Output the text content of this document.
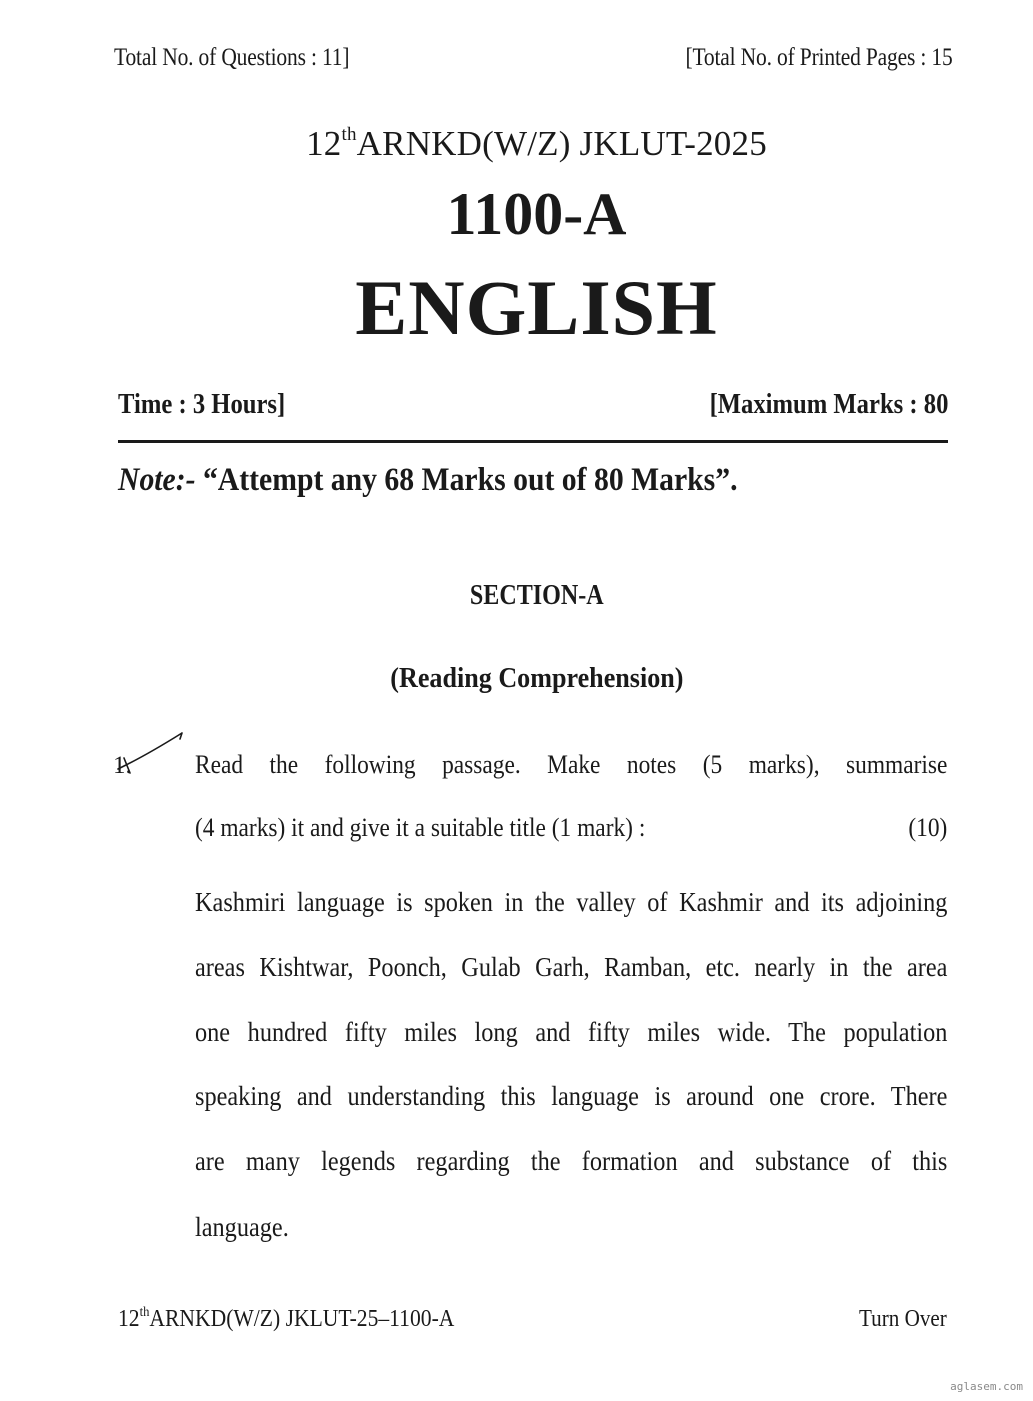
Total No. of Questions : 11]	[Total No. of Printed Pages : 15
12thARNKD(W/Z) JKLUT-2025
1100-A
ENGLISH
Time : 3 Hours]	[Maximum Marks : 80
Note:- “Attempt any 68 Marks out of 80 Marks”.
SECTION-A
(Reading Comprehension)
1. Read the following passage. Make notes (5 marks), summarise
(4 marks) it and give it a suitable title (1 mark) :	(10)
Kashmiri language is spoken in the valley of Kashmir and its adjoining
areas Kishtwar, Poonch, Gulab Garh, Ramban, etc. nearly in the area
one hundred fifty miles long and fifty miles wide. The population
speaking and understanding this language is around one crore. There
are many legends regarding the formation and substance of this
language.
12thARNKD(W/Z) JKLUT-25–1100-A	Turn Over
aglasem.com
